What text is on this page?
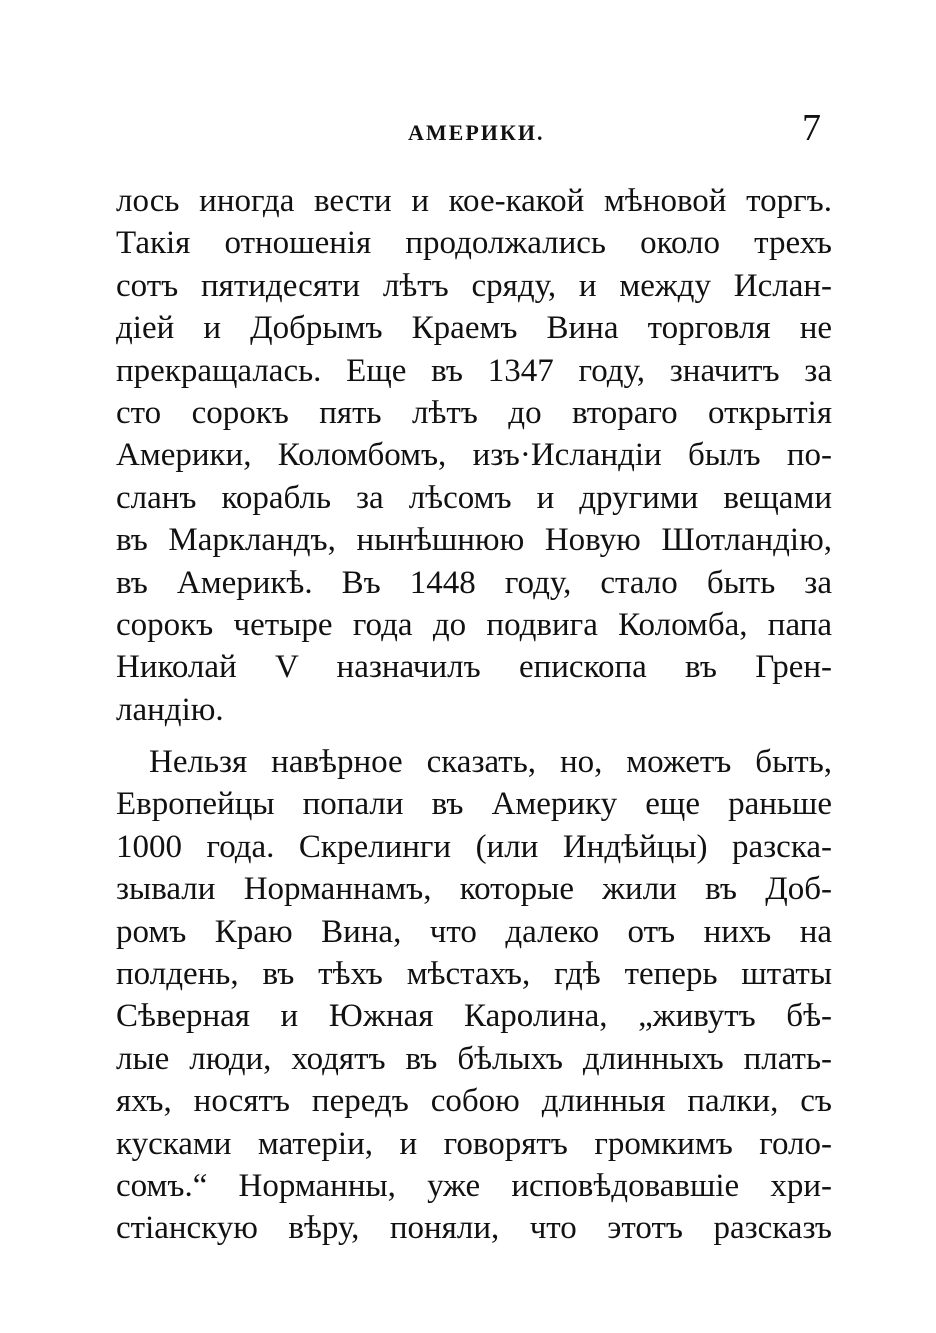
АМЕРИКИ.	7
лось иногда вести и кое-какой мѣновой торгъ.
Такія отношенія продолжались около трехъ
сотъ пятидесяти лѣтъ сряду, и между Ислан-
діей и Добрымъ Краемъ Вина торговля не
прекращалась. Еще въ 1347 году, значитъ за
сто сорокъ пять лѣтъ до втораго открытія
Америки, Коломбомъ, изъ·Исландіи былъ по-
сланъ корабль за лѣсомъ и другими вещами
въ Маркландъ, нынѣшнюю Новую Шотландію,
въ Америкѣ. Въ 1448 году, стало быть за
сорокъ четыре года до подвига Коломба, папа
Николай V назначилъ епископа въ Грен-
ландію.
Нельзя навѣрное сказать, но, можетъ быть,
Европейцы попали въ Америку еще раньше
1000 года. Скрелинги (или Индѣйцы) разска-
зывали Норманнамъ, которые жили въ Доб-
ромъ Краю Вина, что далеко отъ нихъ на
полдень, въ тѣхъ мѣстахъ, гдѣ теперь штаты
Сѣверная и Южная Каролина, „живутъ бѣ-
лые люди, ходятъ въ бѣлыхъ длинныхъ плать-
яхъ, носятъ передъ собою длинныя палки, съ
кусками матеріи, и говорятъ громкимъ голо-
сомъ.“ Норманны, уже исповѣдовавшіе хри-
стіанскую вѣру, поняли, что этотъ разсказъ
